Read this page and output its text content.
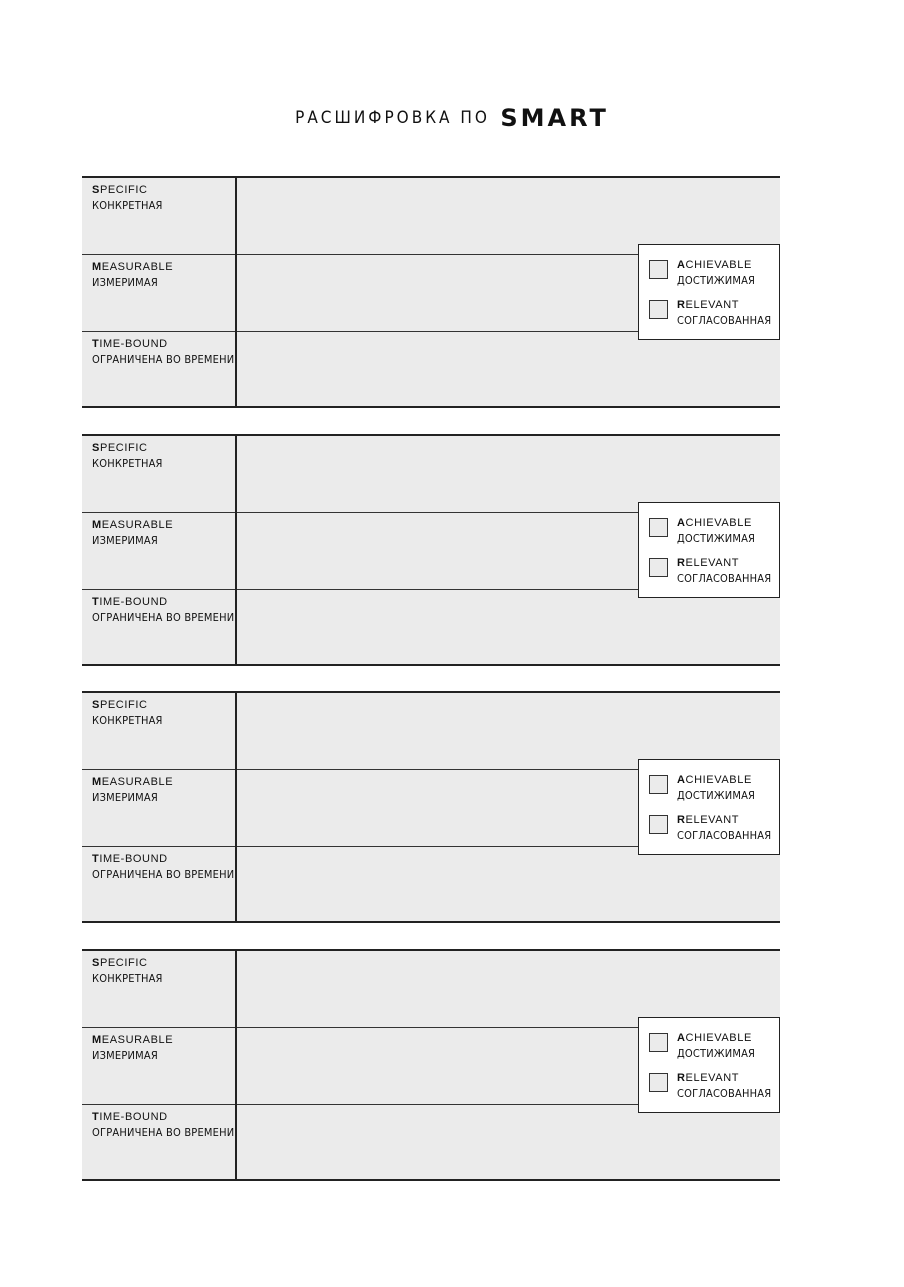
РАСШИФРОВКА ПО SMART
SPECIFIC
КОНКРЕТНАЯ
MEASURABLE
ИЗМЕРИМАЯ
TIME-BOUND
ОГРАНИЧЕНА ВО ВРЕМЕНИ
ACHIEVABLE
ДОСТИЖИМАЯ
RELEVANT
СОГЛАСОВАННАЯ
SPECIFIC
КОНКРЕТНАЯ
MEASURABLE
ИЗМЕРИМАЯ
TIME-BOUND
ОГРАНИЧЕНА ВО ВРЕМЕНИ
ACHIEVABLE
ДОСТИЖИМАЯ
RELEVANT
СОГЛАСОВАННАЯ
SPECIFIC
КОНКРЕТНАЯ
MEASURABLE
ИЗМЕРИМАЯ
TIME-BOUND
ОГРАНИЧЕНА ВО ВРЕМЕНИ
ACHIEVABLE
ДОСТИЖИМАЯ
RELEVANT
СОГЛАСОВАННАЯ
SPECIFIC
КОНКРЕТНАЯ
MEASURABLE
ИЗМЕРИМАЯ
TIME-BOUND
ОГРАНИЧЕНА ВО ВРЕМЕНИ
ACHIEVABLE
ДОСТИЖИМАЯ
RELEVANT
СОГЛАСОВАННАЯ
